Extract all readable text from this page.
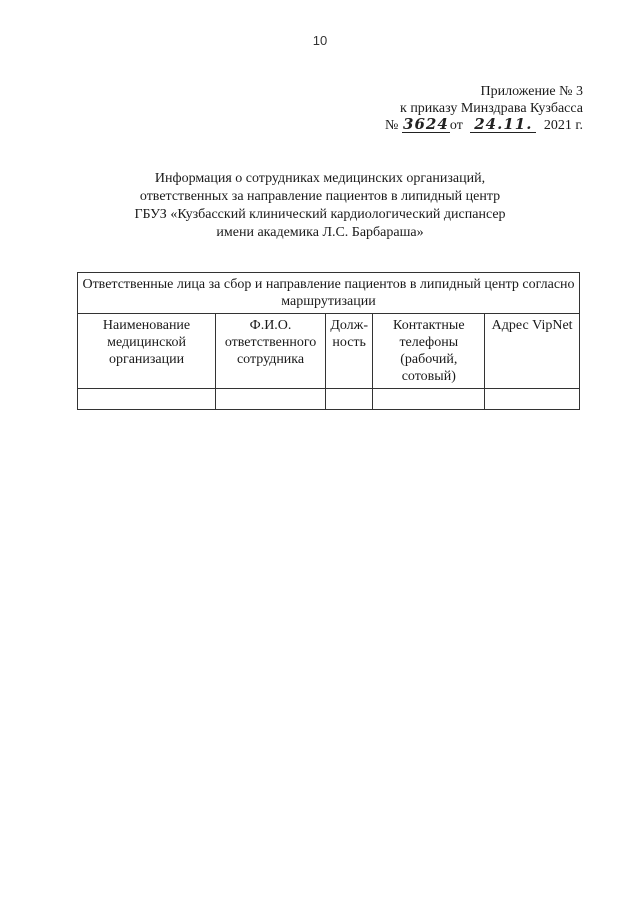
10
Приложение № 3
к приказу Минздрава Кузбасса
№ 3624от 24.11. 2021 г.
Информация о сотрудниках медицинских организаций,
ответственных за направление пациентов в липидный центр
ГБУЗ «Кузбасский клинический кардиологический диспансер
имени академика Л.С. Барбараша»
Ответственные лица за сбор и направление пациентов в липидный центр согласно маршрутизации				
Наименование медицинской организации	Ф.И.О. ответственного сотрудника	Долж-ность	Контактные телефоны (рабочий, сотовый)	Адрес VipNet
